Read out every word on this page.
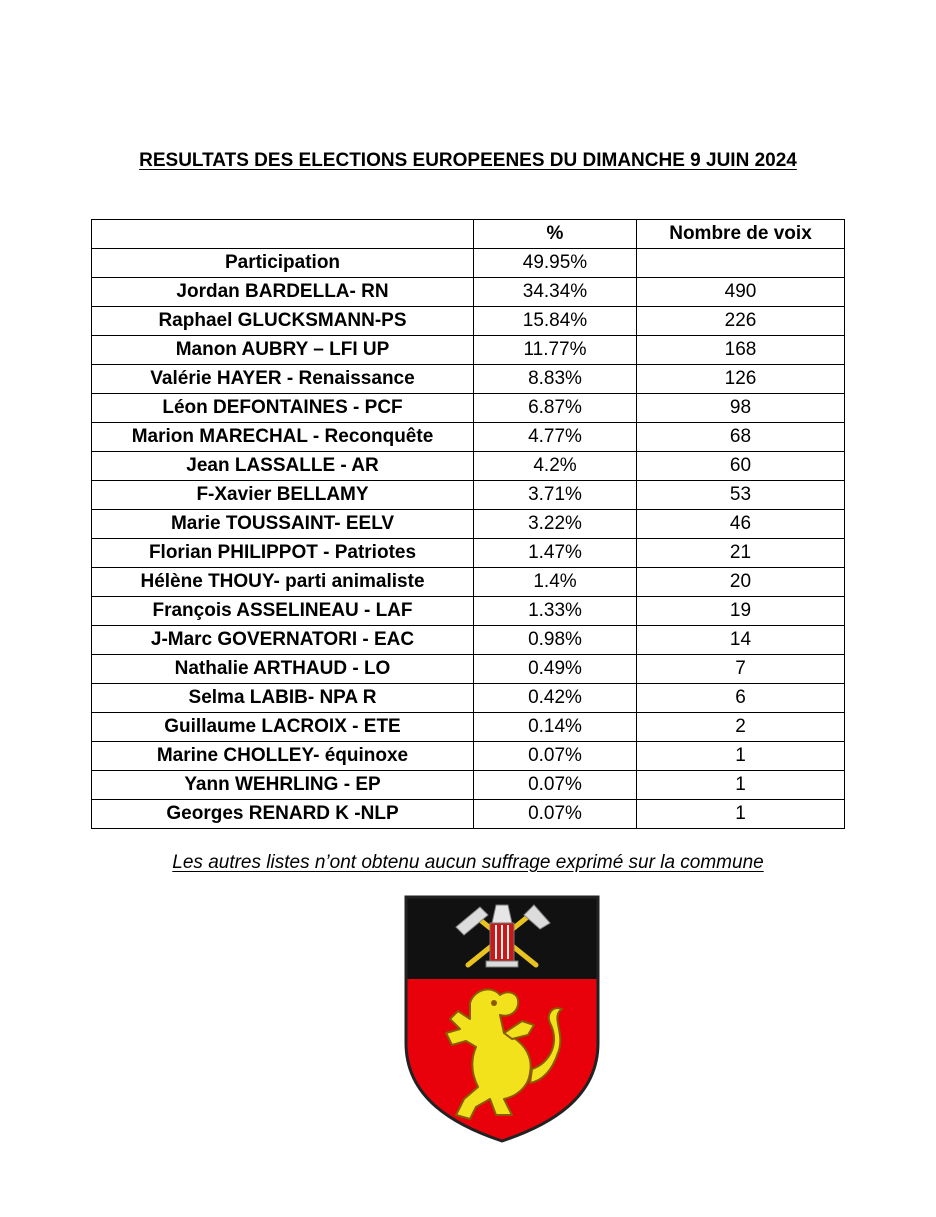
RESULTATS DES ELECTIONS EUROPEENES DU DIMANCHE 9 JUIN 2024
	%	Nombre de voix
Participation	49.95%	
Jordan BARDELLA- RN	34.34%	490
Raphael GLUCKSMANN-PS	15.84%	226
Manon AUBRY – LFI UP	11.77%	168
Valérie HAYER - Renaissance	8.83%	126
Léon DEFONTAINES - PCF	6.87%	98
Marion MARECHAL - Reconquête	4.77%	68
Jean LASSALLE - AR	4.2%	60
F-Xavier BELLAMY	3.71%	53
Marie TOUSSAINT- EELV	3.22%	46
Florian PHILIPPOT - Patriotes	1.47%	21
Hélène THOUY- parti animaliste	1.4%	20
François ASSELINEAU - LAF	1.33%	19
J-Marc GOVERNATORI - EAC	0.98%	14
Nathalie ARTHAUD - LO	0.49%	7
Selma LABIB- NPA R	0.42%	6
Guillaume LACROIX - ETE	0.14%	2
Marine CHOLLEY- équinoxe	0.07%	1
Yann WEHRLING - EP	0.07%	1
Georges RENARD K -NLP	0.07%	1
Les autres listes n’ont obtenu aucun suffrage exprimé sur la commune
